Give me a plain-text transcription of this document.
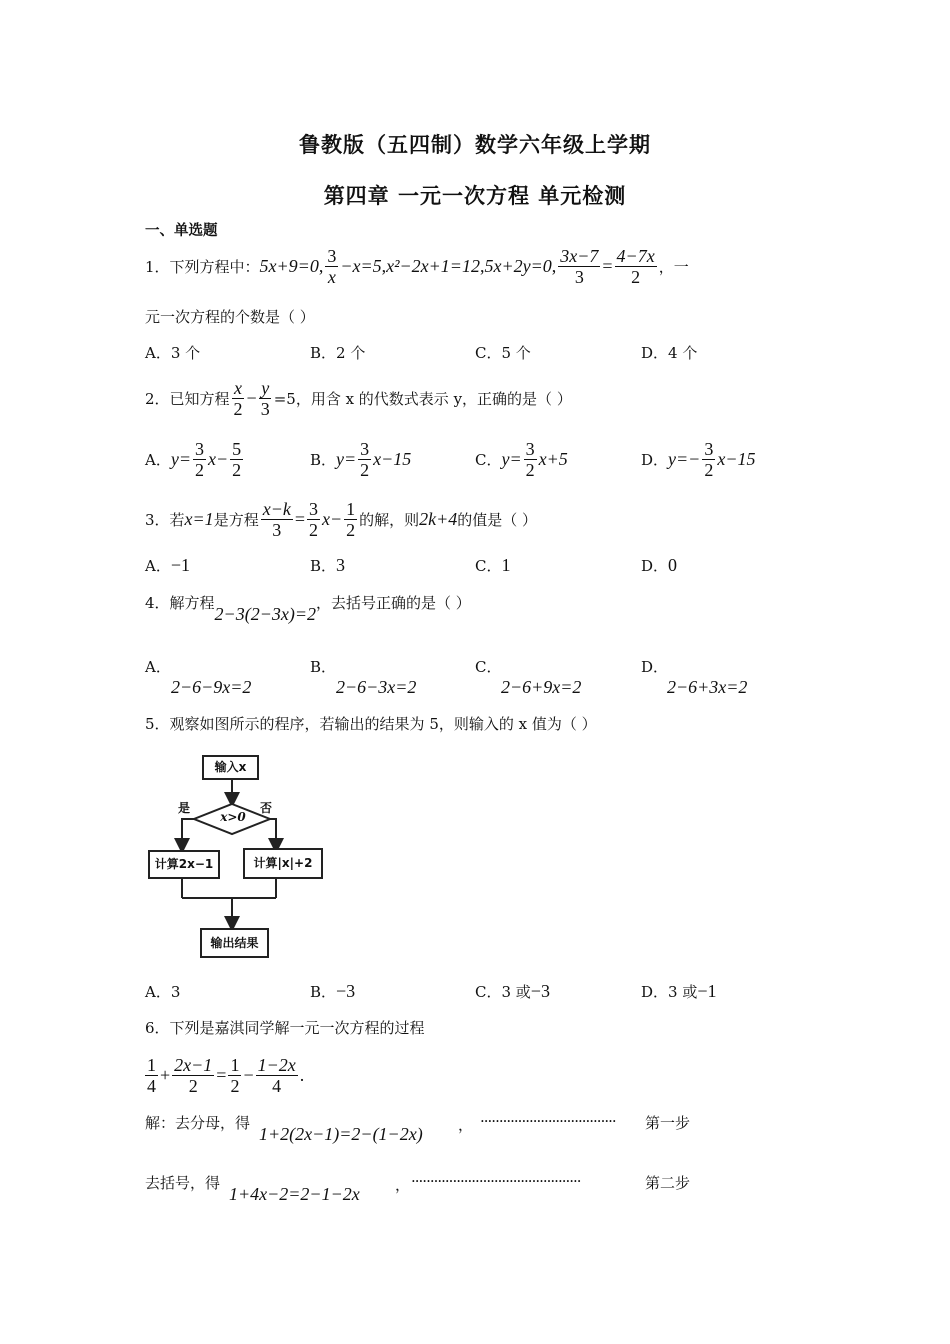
鲁教版（五四制）数学六年级上学期
第四章 一元一次方程 单元检测
一、单选题
1．下列方程中： 5x+9=0 , $\frac{3}{x} -x=5$ , x²−2x+1=12 , 5x+2y=0 , $\frac{3x-7}{3} = \frac{4-7x}{2}$ ，一
元一次方程的个数是（ ）
A．3 个	B．2 个	C．5 个	D．4 个
2．已知方程 $\frac{x}{2} - \frac{y}{3} =5$，用含 x 的代数式表示 y，正确的是（ ）
A． $y= \frac{3}{2} x- \frac{5}{2}$	B． $y= \frac{3}{2} x-15$	C． $y= \frac{3}{2} x+5$	D． $y=- \frac{3}{2} x-15$
3．若 x=1 是方程 $\frac{x-k}{3} = \frac{3}{2} x- \frac{1}{2}$ 的解，则 2k+4 的值是（ ）
A．−1	B．3	C．1	D．0
4．解方程
2−3(2−3x)=2
，去括号正确的是（ ）
A．
2−6−9x=2
B．
2−6−3x=2
C．
2−6+9x=2
D．
2−6+3x=2
5．观察如图所示的程序，若输出的结果为 5，则输入的 x 值为（ ）
输入x
x>0
是	否
计算2x−1	计算|x|+2
输出结果
A．3	B．−3	C．3 或−3	D．3 或−1
6．下列是嘉淇同学解一元一次方程的过程
$\frac{1}{4} + \frac{2x-1}{2} = \frac{1}{2} - \frac{1-2x}{4}$ .
解：去分母，得
1+2(2x−1)=2−(1−2x) ， ···································· 第一步
去括号，得
1+4x−2=2−1−2x ， ·············································	第二步
